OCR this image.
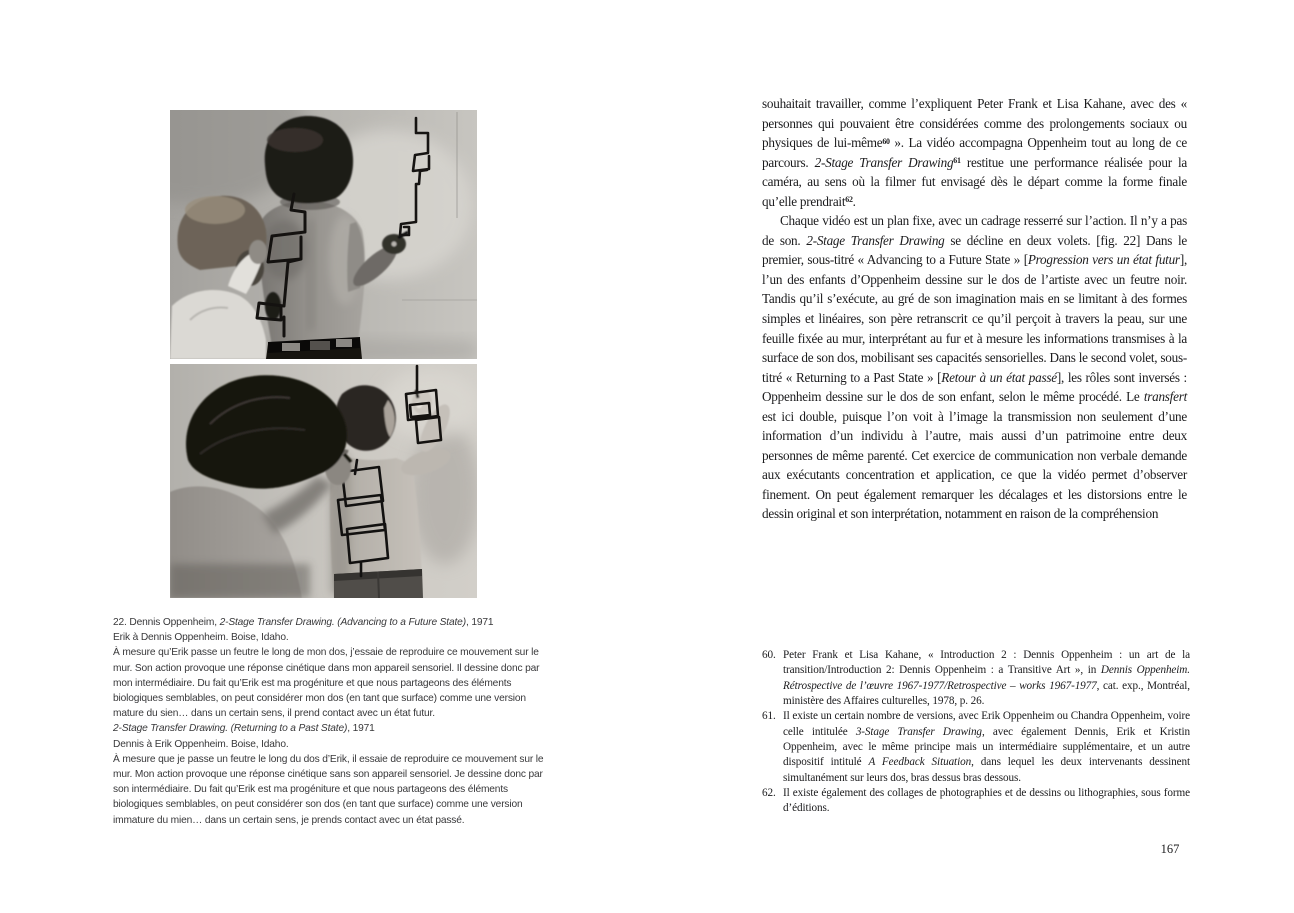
22. Dennis Oppenheim, 2-Stage Transfer Drawing. (Advancing to a Future State), 1971
Erik à Dennis Oppenheim. Boise, Idaho.
À mesure qu’Erik passe un feutre le long de mon dos, j’essaie de reproduire ce mouvement sur le mur. Son action provoque une réponse cinétique dans mon appareil sensoriel. Il dessine donc par mon intermédiaire. Du fait qu’Erik est ma progéniture et que nous partageons des éléments biologiques semblables, on peut considérer mon dos (en tant que surface) comme une version mature du sien… dans un certain sens, il prend contact avec un état futur.
2-Stage Transfer Drawing. (Returning to a Past State), 1971
Dennis à Erik Oppenheim. Boise, Idaho.
À mesure que je passe un feutre le long du dos d’Erik, il essaie de reproduire ce mouvement sur le mur. Mon action provoque une réponse cinétique sans son appareil sensoriel. Je dessine donc par son intermédiaire. Du fait qu’Erik est ma progéniture et que nous partageons des éléments biologiques semblables, on peut considérer son dos (en tant que surface) comme une version immature du mien… dans un certain sens, je prends contact avec un état passé.

souhaitait travailler, comme l’expliquent Peter Frank et Lisa Kahane, avec des « personnes qui pouvaient être considérées comme des prolongements sociaux ou physiques de lui-même$^{60}$ ». La vidéo accompagna Oppenheim tout au long de ce parcours. 2-Stage Transfer Drawing$^{61}$ restitue une performance réalisée pour la caméra, au sens où la filmer fut envisagé dès le départ comme la forme finale qu’elle prendrait$^{62}$.

Chaque vidéo est un plan fixe, avec un cadrage resserré sur l’action. Il n’y a pas de son. 2-Stage Transfer Drawing se décline en deux volets. [fig. 22] Dans le premier, sous-titré « Advancing to a Future State » [Progression vers un état futur], l’un des enfants d’Oppenheim dessine sur le dos de l’artiste avec un feutre noir. Tandis qu’il s’exécute, au gré de son imagination mais en se limitant à des formes simples et linéaires, son père retranscrit ce qu’il perçoit à travers la peau, sur une feuille fixée au mur, interprétant au fur et à mesure les informations transmises à la surface de son dos, mobilisant ses capacités sensorielles. Dans le second volet, sous-titré « Returning to a Past State » [Retour à un état passé], les rôles sont inversés : Oppenheim dessine sur le dos de son enfant, selon le même procédé. Le transfert est ici double, puisque l’on voit à l’image la transmission non seulement d’une information d’un individu à l’autre, mais aussi d’un patrimoine entre deux personnes de même parenté. Cet exercice de communication non verbale demande aux exécutants concentration et application, ce que la vidéo permet d’observer finement. On peut également remarquer les décalages et les distorsions entre le dessin original et son interprétation, notamment en raison de la compréhension

60. Peter Frank et Lisa Kahane, « Introduction 2 : Dennis Oppenheim : un art de la transition/Introduction 2: Dennis Oppenheim : a Transitive Art », in Dennis Oppenheim. Rétrospective de l’œuvre 1967-1977/Retrospective – works 1967-1977, cat. exp., Montréal, ministère des Affaires culturelles, 1978, p. 26.
61. Il existe un certain nombre de versions, avec Erik Oppenheim ou Chandra Oppenheim, voire celle intitulée 3-Stage Transfer Drawing, avec également Dennis, Erik et Kristin Oppenheim, avec le même principe mais un intermédiaire supplémentaire, et un autre dispositif intitulé A Feedback Situation, dans lequel les deux intervenants dessinent simultanément sur leurs dos, bras dessus bras dessous.
62. Il existe également des collages de photographies et de dessins ou lithographies, sous forme d’éditions.
167
